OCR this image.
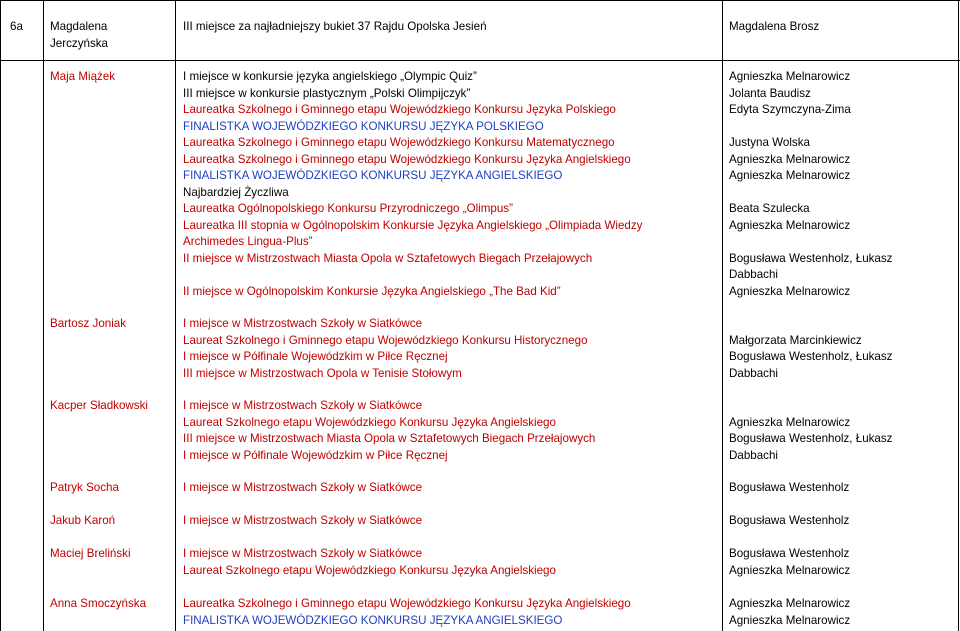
6a Magdalena
Jerczyńska
III miejsce za najładniejszy bukiet 37 Rajdu Opolska Jesień	Magdalena Brosz
Maja Miążek
Bartosz Joniak
Kacper Sładkowski
Patryk Socha
Jakub Karoń
Maciej Breliński
Anna Smoczyńska
I miejsce w konkursie języka angielskiego „Olympic Quiz”
III miejsce w konkursie plastycznym „Polski Olimpijczyk”
Laureatka Szkolnego i Gminnego etapu Wojewódzkiego Konkursu Języka Polskiego
FINALISTKA WOJEWÓDZKIEGO KONKURSU JĘZYKA POLSKIEGO
Laureatka Szkolnego i Gminnego etapu Wojewódzkiego Konkursu Matematycznego
Laureatka Szkolnego i Gminnego etapu Wojewódzkiego Konkursu Języka Angielskiego
FINALISTKA WOJEWÓDZKIEGO KONKURSU JĘZYKA ANGIELSKIEGO
Najbardziej Życzliwa
Laureatka Ogólnopolskiego Konkursu Przyrodniczego „Olimpus”
Laureatka III stopnia w Ogólnopolskim Konkursie Języka Angielskiego „Olimpiada Wiedzy
Archimedes Lingua-Plus”
II miejsce w Mistrzostwach Miasta Opola w Sztafetowych Biegach Przełajowych
II miejsce w Ogólnopolskim Konkursie Języka Angielskiego „The Bad Kid”
I miejsce w Mistrzostwach Szkoły w Siatkówce
Laureat Szkolnego i Gminnego etapu Wojewódzkiego Konkursu Historycznego
I miejsce w Półfinale Wojewódzkim w Piłce Ręcznej
III miejsce w Mistrzostwach Opola w Tenisie Stołowym
I miejsce w Mistrzostwach Szkoły w Siatkówce
Laureat Szkolnego etapu Wojewódzkiego Konkursu Języka Angielskiego
III miejsce w Mistrzostwach Miasta Opola w Sztafetowych Biegach Przełajowych
I miejsce w Półfinale Wojewódzkim w Piłce Ręcznej
I miejsce w Mistrzostwach Szkoły w Siatkówce
I miejsce w Mistrzostwach Szkoły w Siatkówce
I miejsce w Mistrzostwach Szkoły w Siatkówce
Laureat Szkolnego etapu Wojewódzkiego Konkursu Języka Angielskiego
Laureatka Szkolnego i Gminnego etapu Wojewódzkiego Konkursu Języka Angielskiego
FINALISTKA WOJEWÓDZKIEGO KONKURSU JĘZYKA ANGIELSKIEGO
Agnieszka Melnarowicz
Jolanta Baudisz
Edyta Szymczyna-Zima
Justyna Wolska
Agnieszka Melnarowicz
Agnieszka Melnarowicz
Beata Szulecka
Agnieszka Melnarowicz
Bogusława Westenholz, Łukasz
Dabbachi
Agnieszka Melnarowicz
Małgorzata Marcinkiewicz
Bogusława Westenholz, Łukasz
Dabbachi
Agnieszka Melnarowicz
Bogusława Westenholz, Łukasz
Dabbachi
Bogusława Westenholz
Bogusława Westenholz
Bogusława Westenholz
Agnieszka Melnarowicz
Agnieszka Melnarowicz
Agnieszka Melnarowicz
